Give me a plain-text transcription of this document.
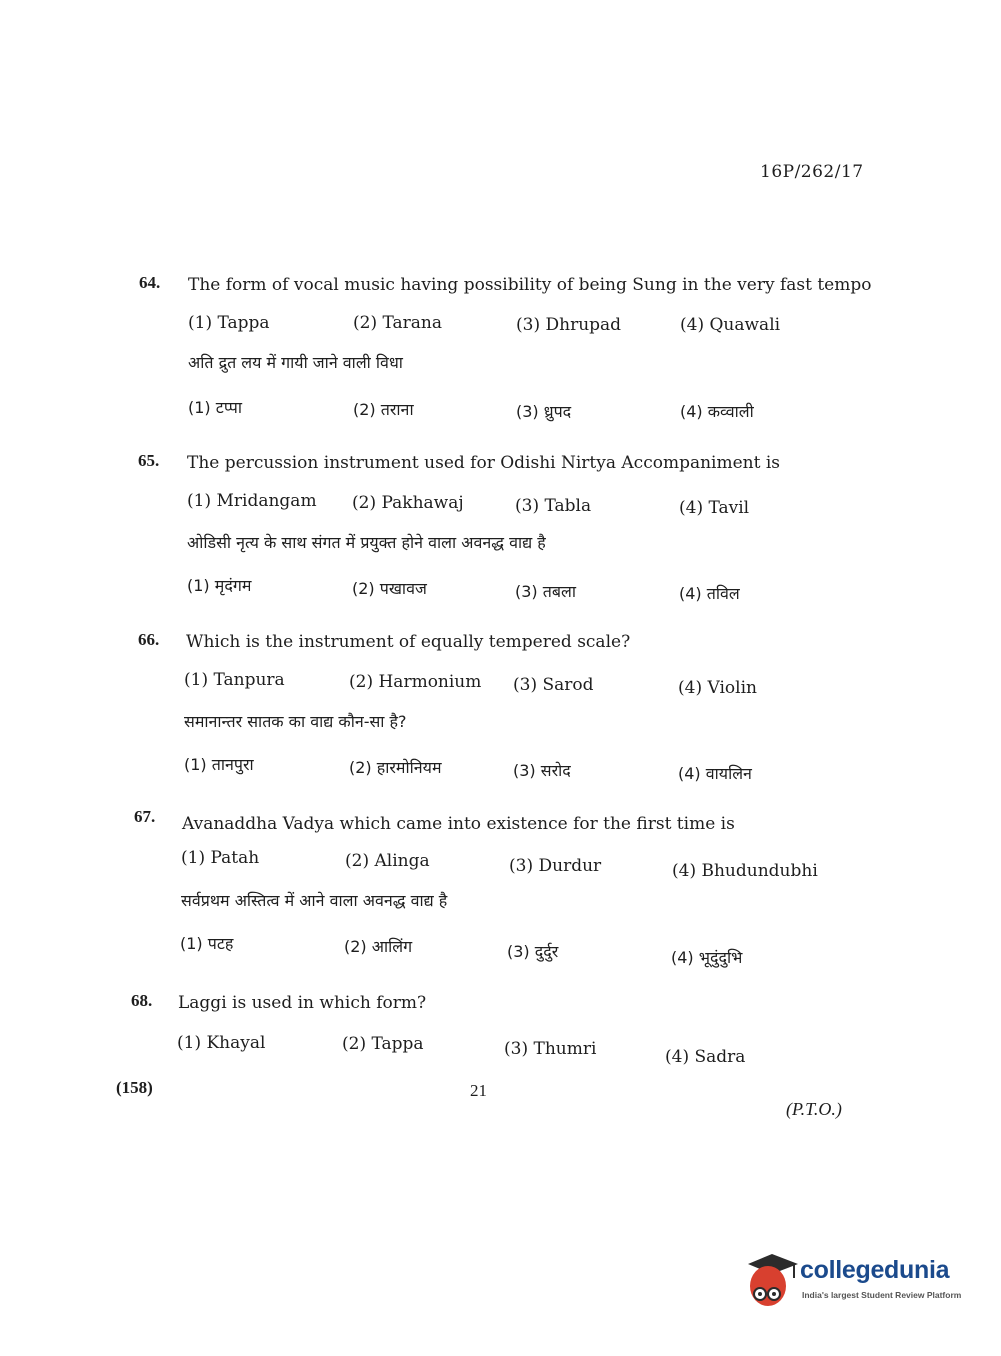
16P/262/17
64. The form of vocal music having possibility of being Sung in the very fast tempo
(1) Tappa	(2) Tarana	(3) Dhrupad	(4) Quawali
अति द्रुत लय में गायी जाने वाली विधा
(1) टप्पा	(2) तराना	(3) ध्रुपद	(4) कव्वाली
65. The percussion instrument used for Odishi Nirtya Accompaniment is
(1) Mridangam (2) Pakhawaj	(3) Tabla	(4) Tavil
ओडिसी नृत्य के साथ संगत में प्रयुक्त होने वाला अवनद्ध वाद्य है
(1) मृदंगम	(2) पखावज	(3) तबला	(4) तविल
66. Which is the instrument of equally tempered scale?
(1) Tanpura	(2) Harmonium (3) Sarod	(4) Violin
समानान्तर सातक का वाद्य कौन-सा है?
(1) तानपुरा	(2) हारमोनियम	(3) सरोद	(4) वायलिन
67. Avanaddha Vadya which came into existence for the first time is
(1) Patah	(2) Alinga	(3) Durdur	(4) Bhudundubhi
सर्वप्रथम अस्तित्व में आने वाला अवनद्ध वाद्य है
(1) पटह	(2) आलिंग	(3) दुर्दुर	(4) भूदुंदुभि
68. Laggi is used in which form?
(1) Khayal	(2) Tappa	(3) Thumri	(4) Sadra
(158)	21
(P.T.O.)
collegedunia
India's largest Student Review Platform
